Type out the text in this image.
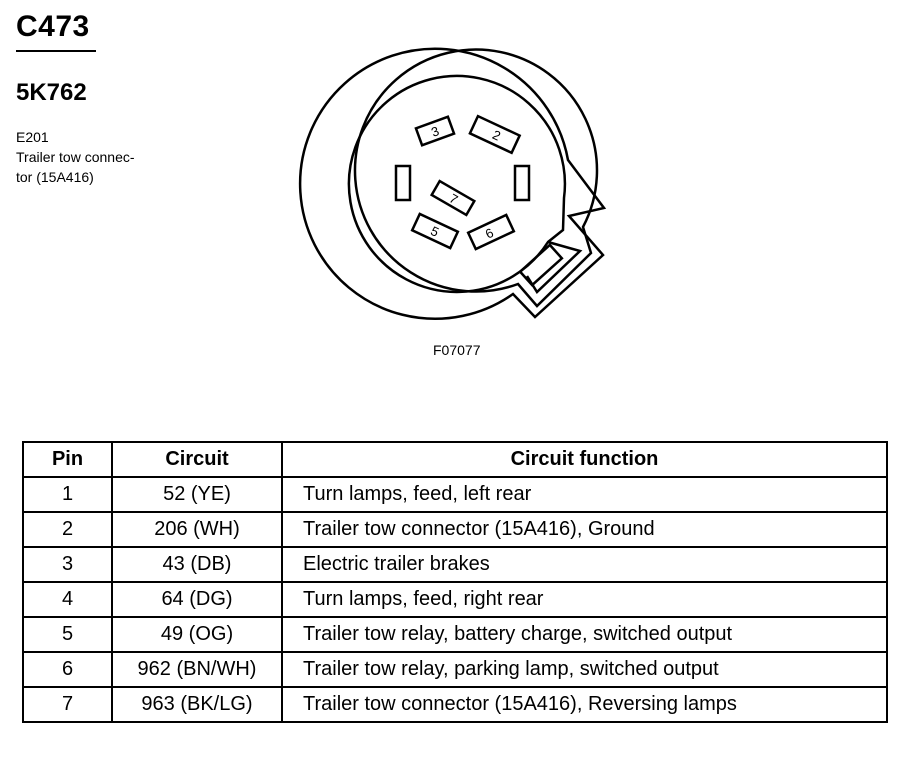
C473
5K762
E201
Trailer tow connec-
tor (15A416)
3	2
7
5	6
F07077
Pin	Circuit	Circuit function
1	52 (YE)	Turn lamps, feed, left rear
2	206 (WH)	Trailer tow connector (15A416), Ground
3	43 (DB)	Electric trailer brakes
4	64 (DG)	Turn lamps, feed, right rear
5	49 (OG)	Trailer tow relay, battery charge, switched output
6	962 (BN/WH)	Trailer tow relay, parking lamp, switched output
7	963 (BK/LG)	Trailer tow connector (15A416), Reversing lamps
